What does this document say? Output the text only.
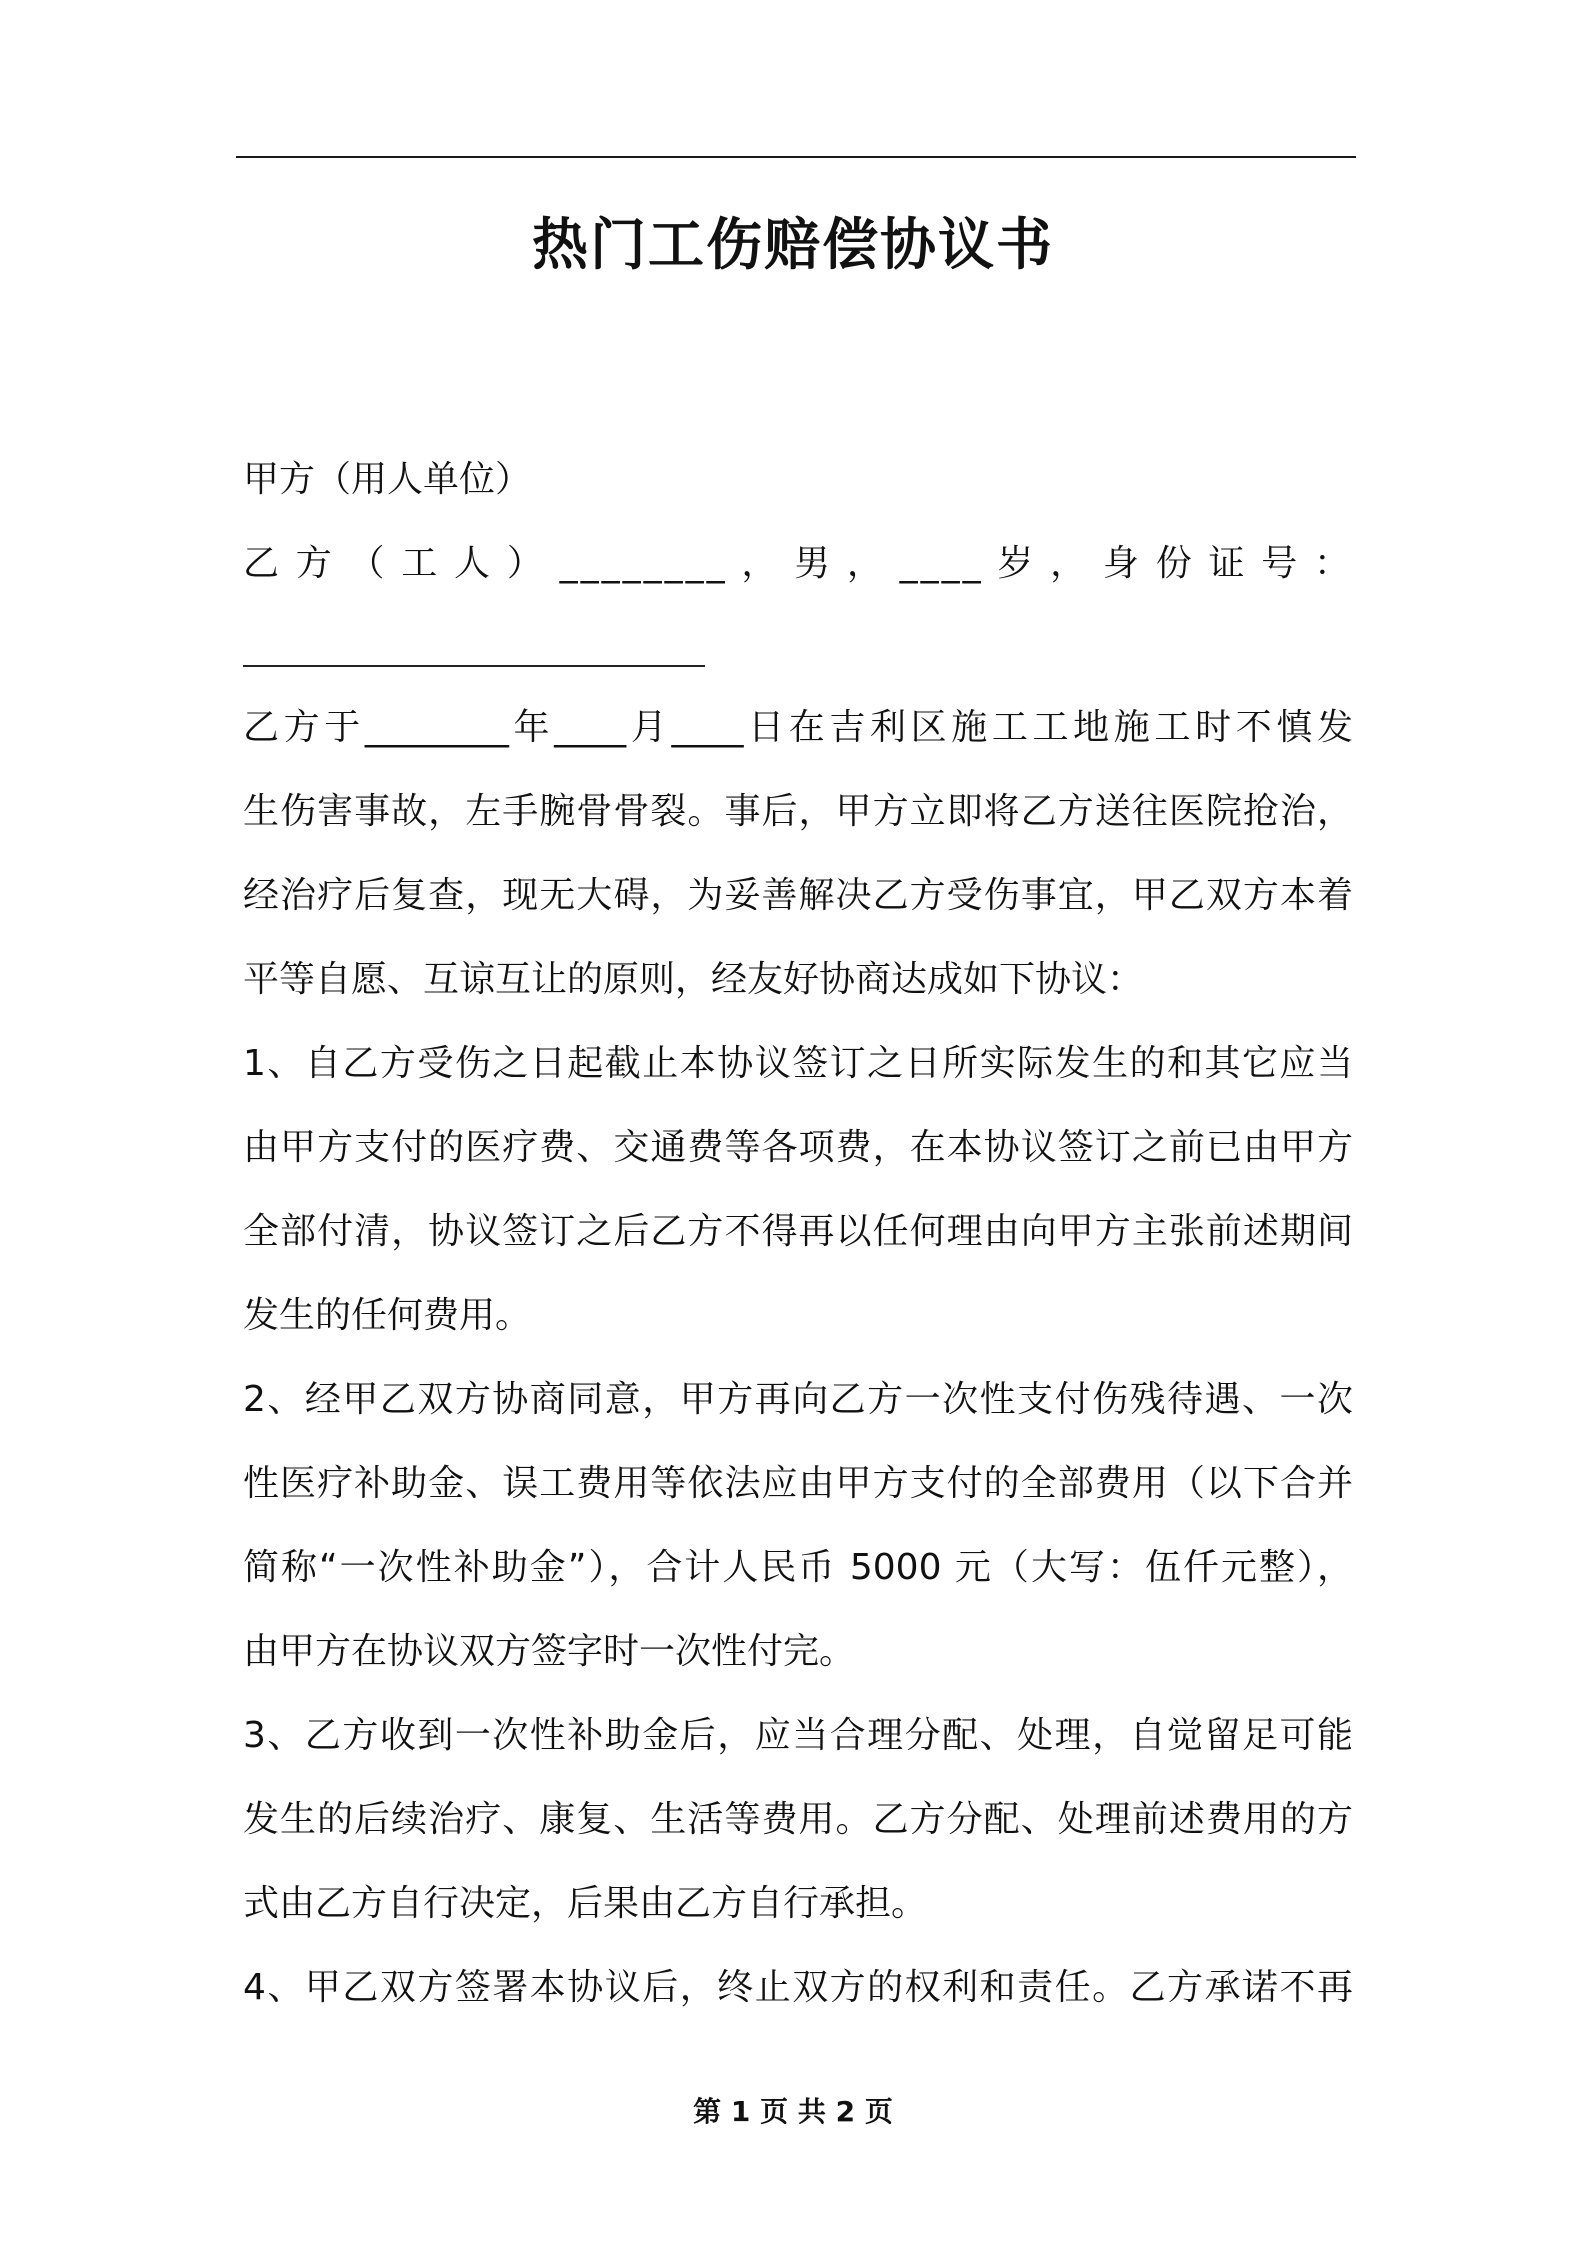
热门工伤赔偿协议书
甲方（用人单位）
乙方（工人）________，男，____岁，身份证号：
乙方于________年____月____日在吉利区施工工地施工时不慎发
生伤害事故，左手腕骨骨裂。事后，甲方立即将乙方送往医院抢治，
经治疗后复查，现无大碍，为妥善解决乙方受伤事宜，甲乙双方本着
平等自愿、互谅互让的原则，经友好协商达成如下协议：
1、自乙方受伤之日起截止本协议签订之日所实际发生的和其它应当
由甲方支付的医疗费、交通费等各项费，在本协议签订之前已由甲方
全部付清，协议签订之后乙方不得再以任何理由向甲方主张前述期间
发生的任何费用。
2、经甲乙双方协商同意，甲方再向乙方一次性支付伤残待遇、一次
性医疗补助金、误工费用等依法应由甲方支付的全部费用（以下合并
简称“一次性补助金”），合计人民币 5000 元（大写：伍仟元整），
由甲方在协议双方签字时一次性付完。
3、乙方收到一次性补助金后，应当合理分配、处理，自觉留足可能
发生的后续治疗、康复、生活等费用。乙方分配、处理前述费用的方
式由乙方自行决定，后果由乙方自行承担。
4、甲乙双方签署本协议后，终止双方的权利和责任。乙方承诺不再
第 1 页 共 2 页
